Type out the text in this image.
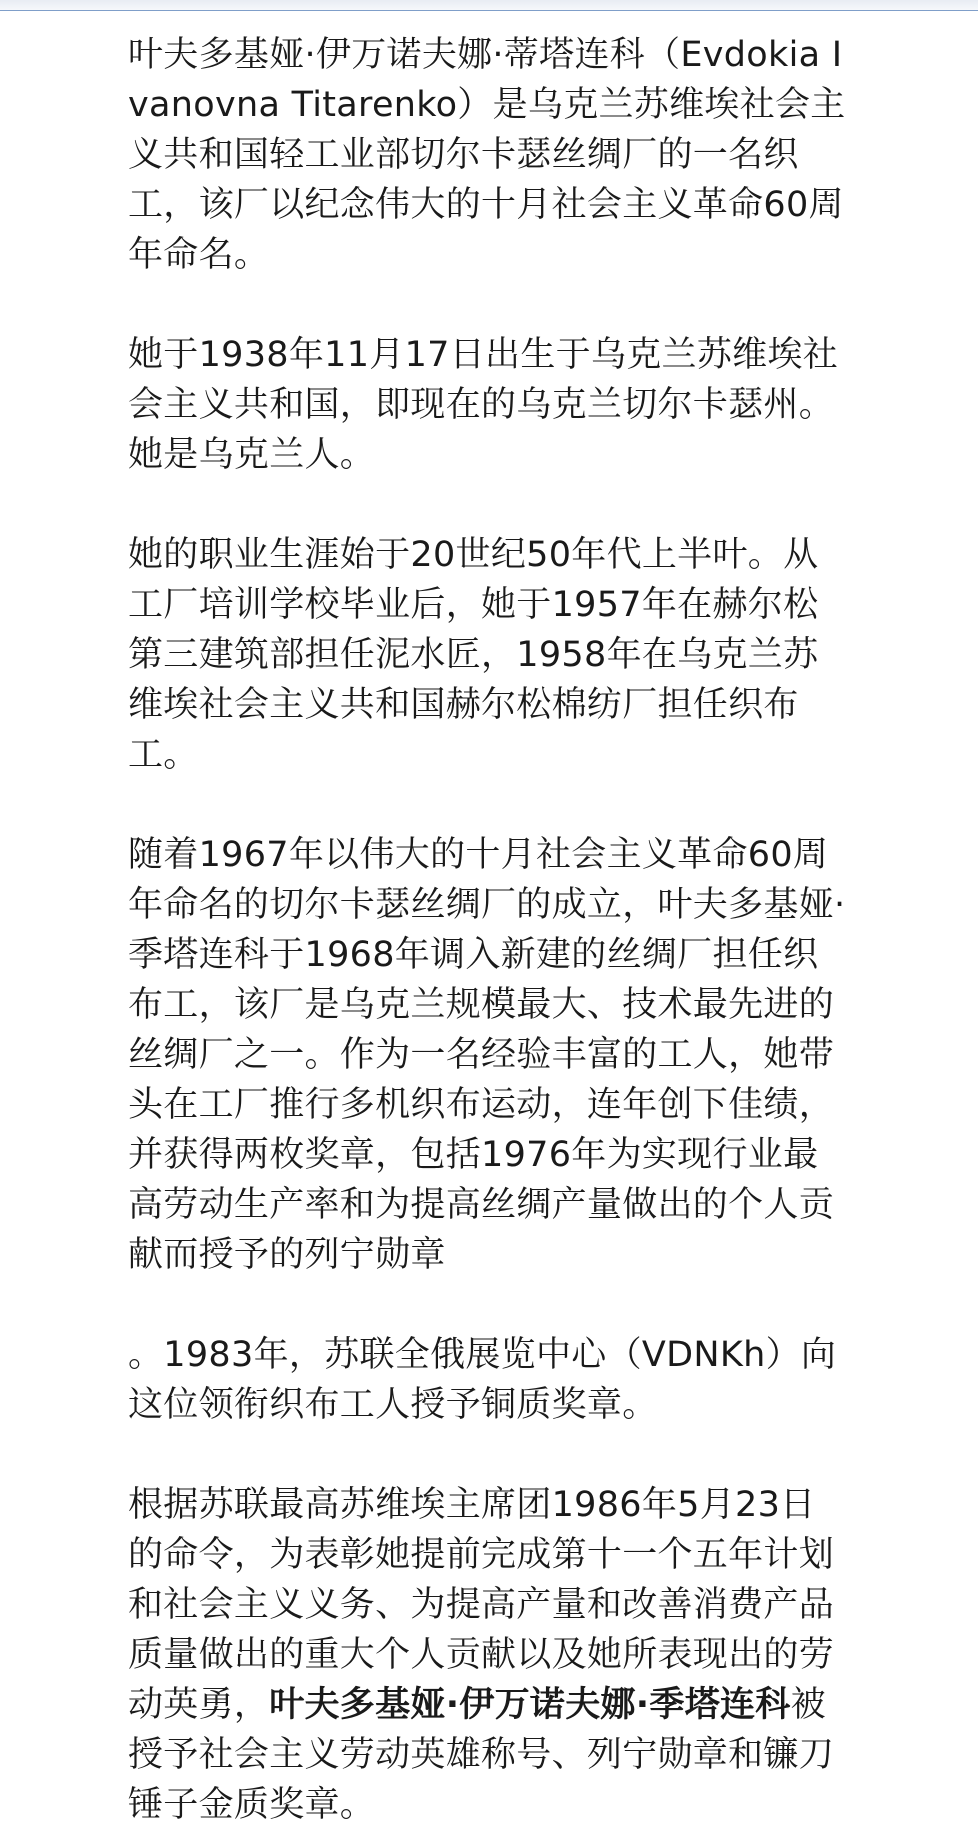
叶夫多基娅·伊万诺夫娜·蒂塔连科（Evdokia Ivanovna Titarenko）是乌克兰苏维埃社会主义共和国轻工业部切尔卡瑟丝绸厂的一名织工，该厂以纪念伟大的十月社会主义革命60周年命名。

她于1938年11月17日出生于乌克兰苏维埃社会主义共和国，即现在的乌克兰切尔卡瑟州。她是乌克兰人。

她的职业生涯始于20世纪50年代上半叶。从工厂培训学校毕业后，她于1957年在赫尔松第三建筑部担任泥水匠，1958年在乌克兰苏维埃社会主义共和国赫尔松棉纺厂担任织布工。

随着1967年以伟大的十月社会主义革命60周年命名的切尔卡瑟丝绸厂的成立，叶夫多基娅·季塔连科于1968年调入新建的丝绸厂担任织布工，该厂是乌克兰规模最大、技术最先进的丝绸厂之一。作为一名经验丰富的工人，她带头在工厂推行多机织布运动，连年创下佳绩，并获得两枚奖章，包括1976年为实现行业最高劳动生产率和为提高丝绸产量做出的个人贡献而授予的列宁勋章

。1983年，苏联全俄展览中心（VDNKh）向这位领衔织布工人授予铜质奖章。

根据苏联最高苏维埃主席团1986年5月23日的命令，为表彰她提前完成第十一个五年计划和社会主义义务、为提高产量和改善消费产品质量做出的重大个人贡献以及她所表现出的劳动英勇，叶夫多基娅·伊万诺夫娜·季塔连科被授予社会主义劳动英雄称号、列宁勋章和镰刀锤子金质奖章。
